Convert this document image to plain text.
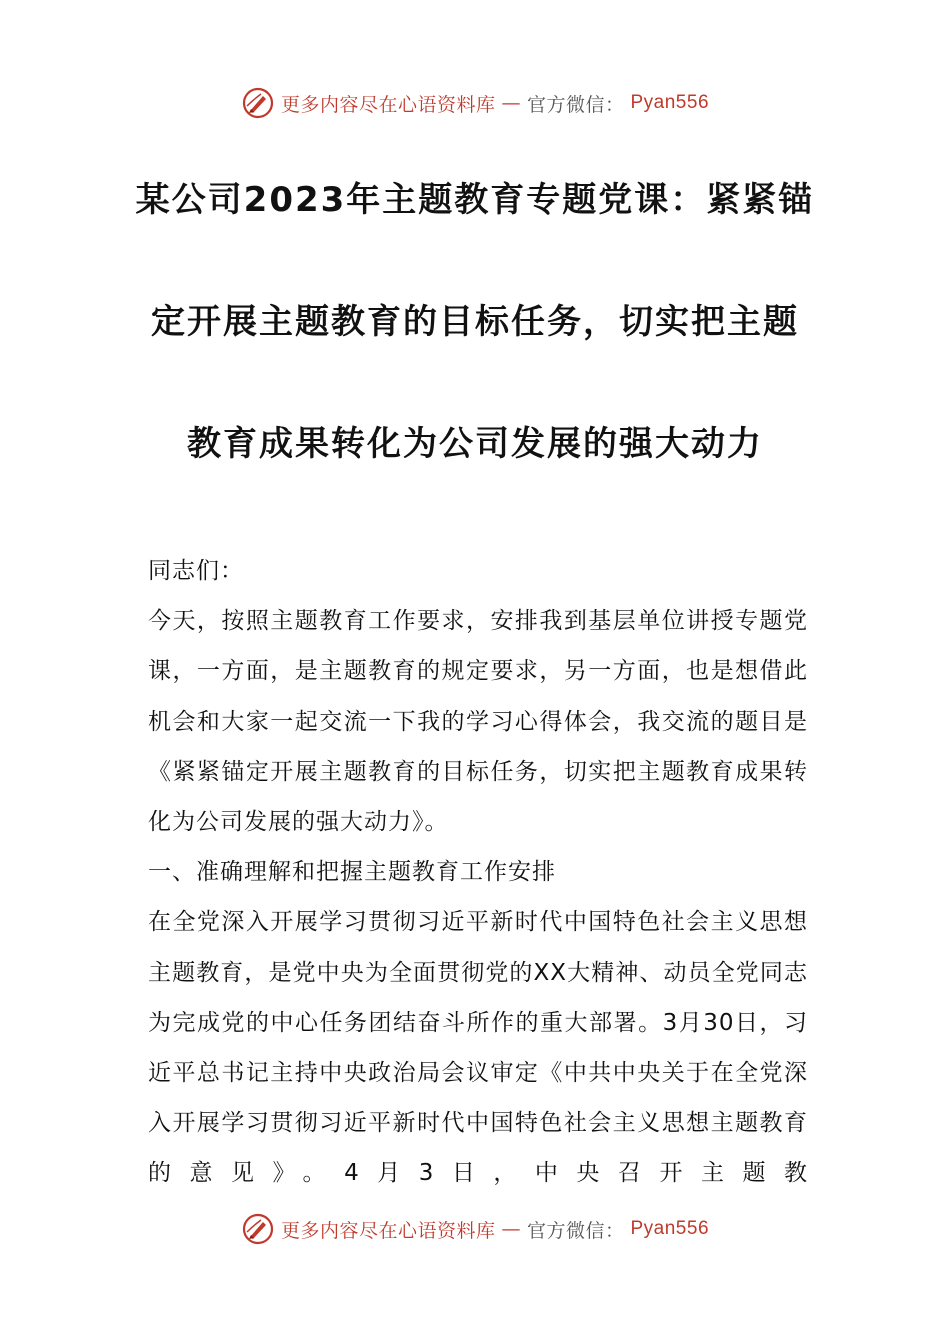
更多内容尽在心语资料库 — 官方微信： Pyan556
某公司2023年主题教育专题党课：紧紧锚
定开展主题教育的目标任务，切实把主题
教育成果转化为公司发展的强大动力

同志们：

今天，按照主题教育工作要求，安排我到基层单位讲授专题党课，一方面，是主题教育的规定要求，另一方面，也是想借此机会和大家一起交流一下我的学习心得体会，我交流的题目是《紧紧锚定开展主题教育的目标任务，切实把主题教育成果转化为公司发展的强大动力》。

一、准确理解和把握主题教育工作安排

在全党深入开展学习贯彻习近平新时代中国特色社会主义思想主题教育，是党中央为全面贯彻党的XX大精神、动员全党同志为完成党的中心任务团结奋斗所作的重大部署。3月30日，习近平总书记主持中央政治局会议审定《中共中央关于在全党深入开展学习贯彻习近平新时代中国特色社会主义思想主题教育的意见》。4月3日，中央召开主题教

更多内容尽在心语资料库 — 官方微信： Pyan556
